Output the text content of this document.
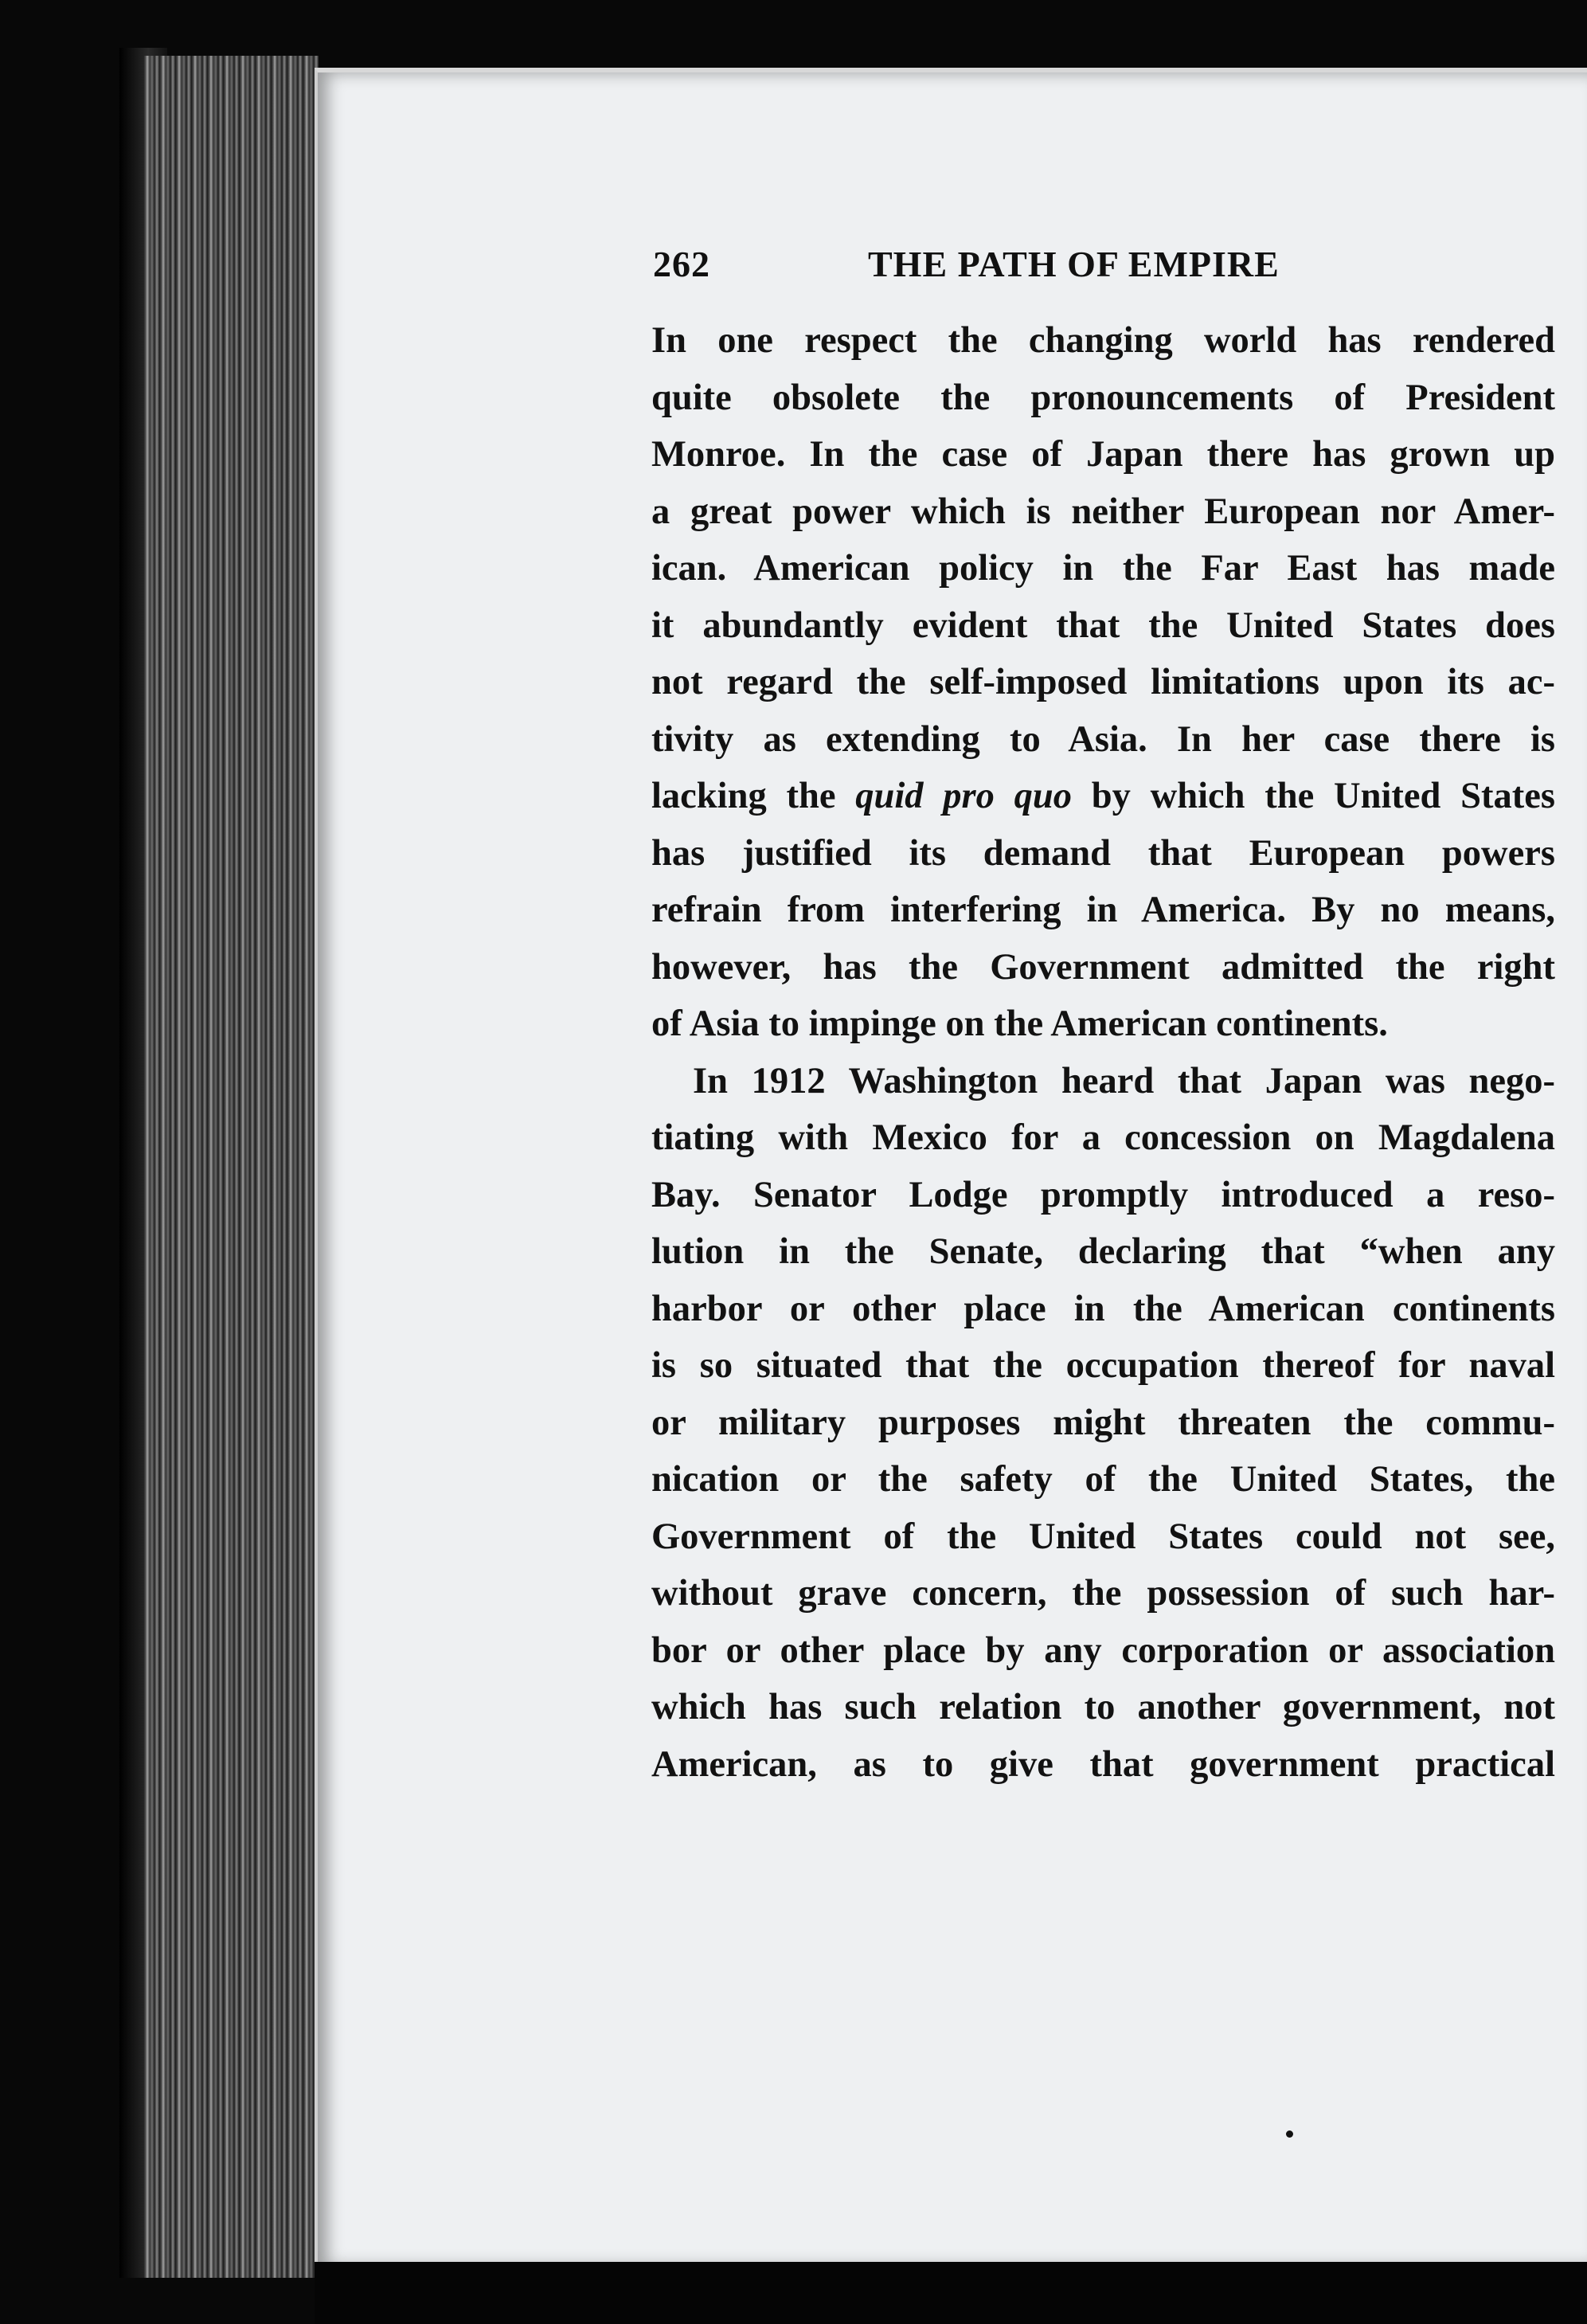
262	THE PATH OF EMPIRE
In one respect the changing world has rendered
quite obsolete the pronouncements of President
Monroe. In the case of Japan there has grown up
a great power which is neither European nor Amer-
ican. American policy in the Far East has made
it abundantly evident that the United States does
not regard the self-imposed limitations upon its ac-
tivity as extending to Asia. In her case there is
lacking the quid pro quo by which the United States
has justified its demand that European powers
refrain from interfering in America. By no means,
however, has the Government admitted the right
of Asia to impinge on the American continents.
In 1912 Washington heard that Japan was nego-
tiating with Mexico for a concession on Magdalena
Bay. Senator Lodge promptly introduced a reso-
lution in the Senate, declaring that “when any
harbor or other place in the American continents
is so situated that the occupation thereof for naval
or military purposes might threaten the commu-
nication or the safety of the United States, the
Government of the United States could not see,
without grave concern, the possession of such har-
bor or other place by any corporation or association
which has such relation to another government, not
American, as to give that government practical
